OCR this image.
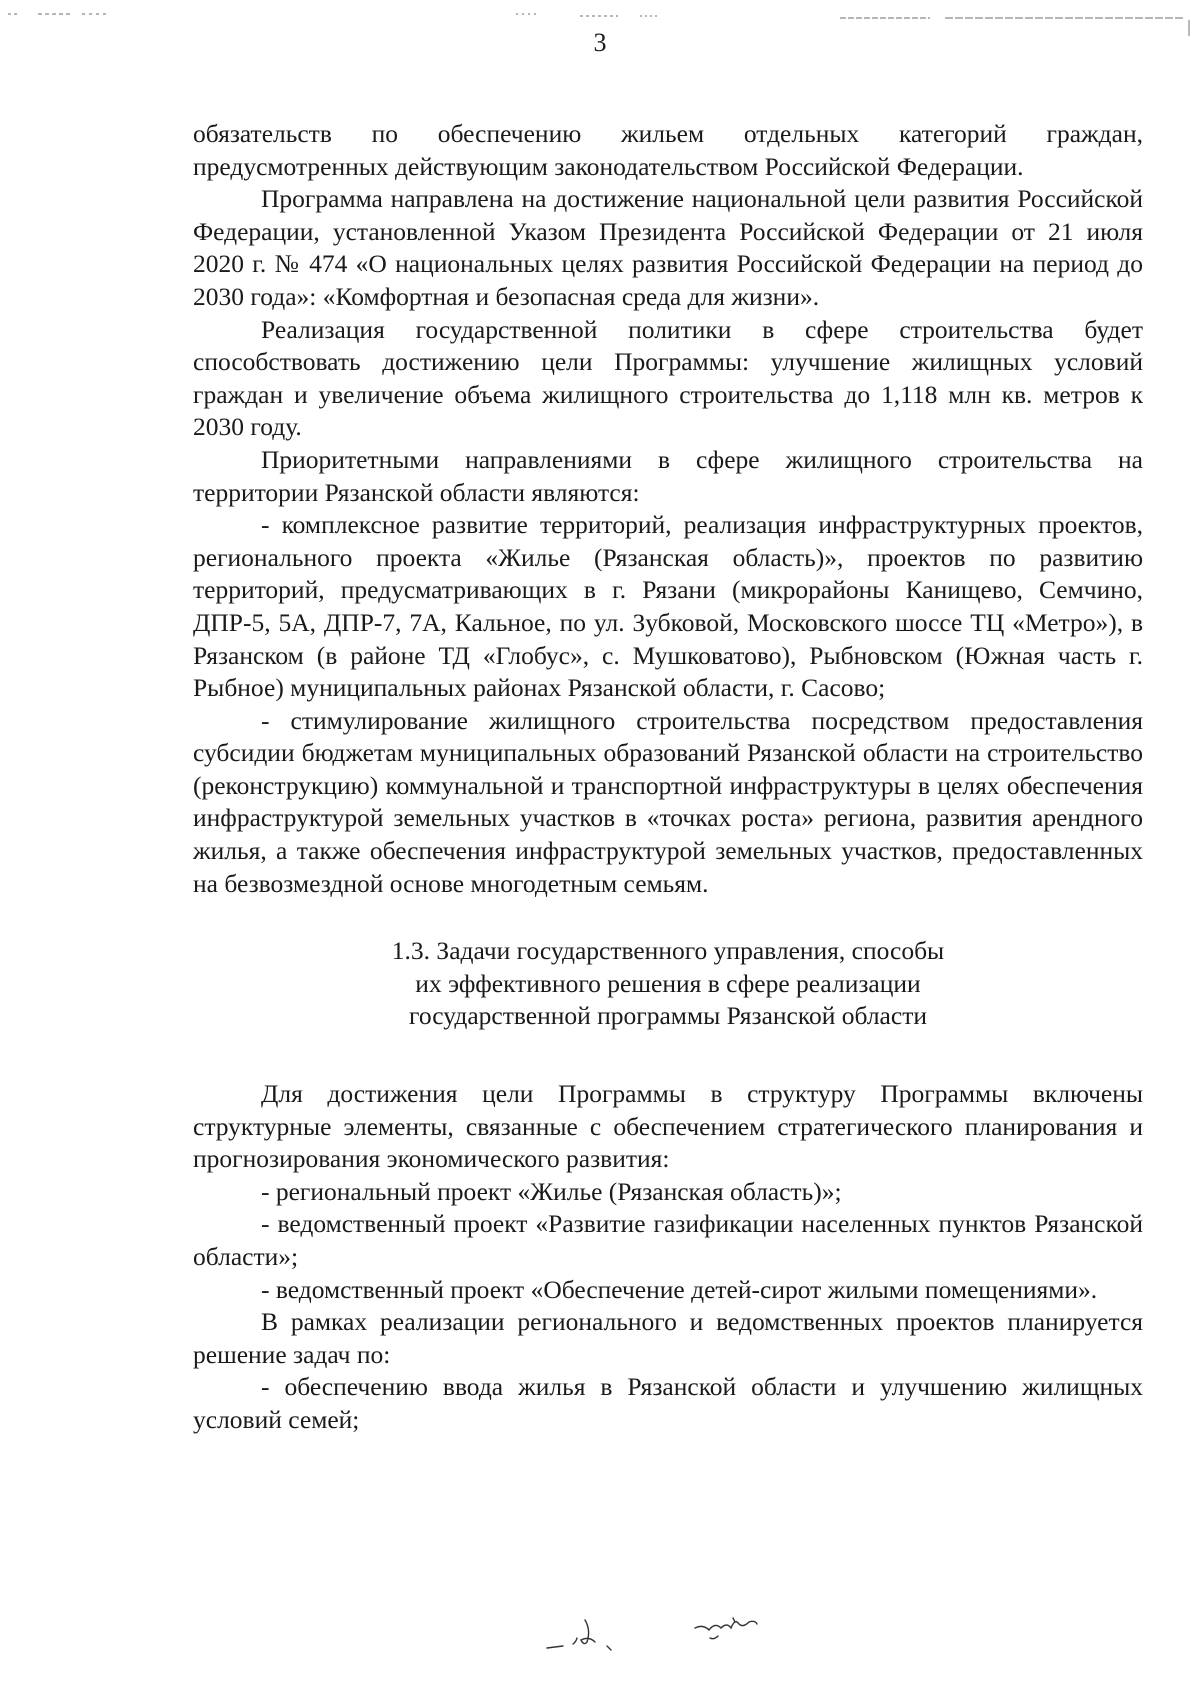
3

обязательств по обеспечению жильем отдельных категорий граждан, предусмотренных действующим законодательством Российской Федерации.

Программа направлена на достижение национальной цели развития Российской Федерации, установленной Указом Президента Российской Федерации от 21 июля 2020 г. № 474 «О национальных целях развития Российской Федерации на период до 2030 года»: «Комфортная и безопасная среда для жизни».

Реализация государственной политики в сфере строительства будет способствовать достижению цели Программы: улучшение жилищных условий граждан и увеличение объема жилищного строительства до 1,118 млн кв. метров к 2030 году.

Приоритетными направлениями в сфере жилищного строительства на территории Рязанской области являются:

- комплексное развитие территорий, реализация инфраструктурных проектов, регионального проекта «Жилье (Рязанская область)», проектов по развитию территорий, предусматривающих в г. Рязани (микрорайоны Канищево, Семчино, ДПР-5, 5А, ДПР-7, 7А, Кальное, по ул. Зубковой, Московского шоссе ТЦ «Метро»), в Рязанском (в районе ТД «Глобус», с. Мушковатово), Рыбновском (Южная часть г. Рыбное) муниципальных районах Рязанской области, г. Сасово;

- стимулирование жилищного строительства посредством предоставления субсидии бюджетам муниципальных образований Рязанской области на строительство (реконструкцию) коммунальной и транспортной инфраструктуры в целях обеспечения инфраструктурой земельных участков в «точках роста» региона, развития арендного жилья, а также обеспечения инфраструктурой земельных участков, предоставленных на безвозмездной основе многодетным семьям.

1.3. Задачи государственного управления, способы
их эффективного решения в сфере реализации
государственной программы Рязанской области

Для достижения цели Программы в структуру Программы включены структурные элементы, связанные с обеспечением стратегического планирования и прогнозирования экономического развития:

- региональный проект «Жилье (Рязанская область)»;

- ведомственный проект «Развитие газификации населенных пунктов Рязанской области»;

- ведомственный проект «Обеспечение детей-сирот жилыми помещениями».

В рамках реализации регионального и ведомственных проектов планируется решение задач по:

- обеспечению ввода жилья в Рязанской области и улучшению жилищных условий семей;
